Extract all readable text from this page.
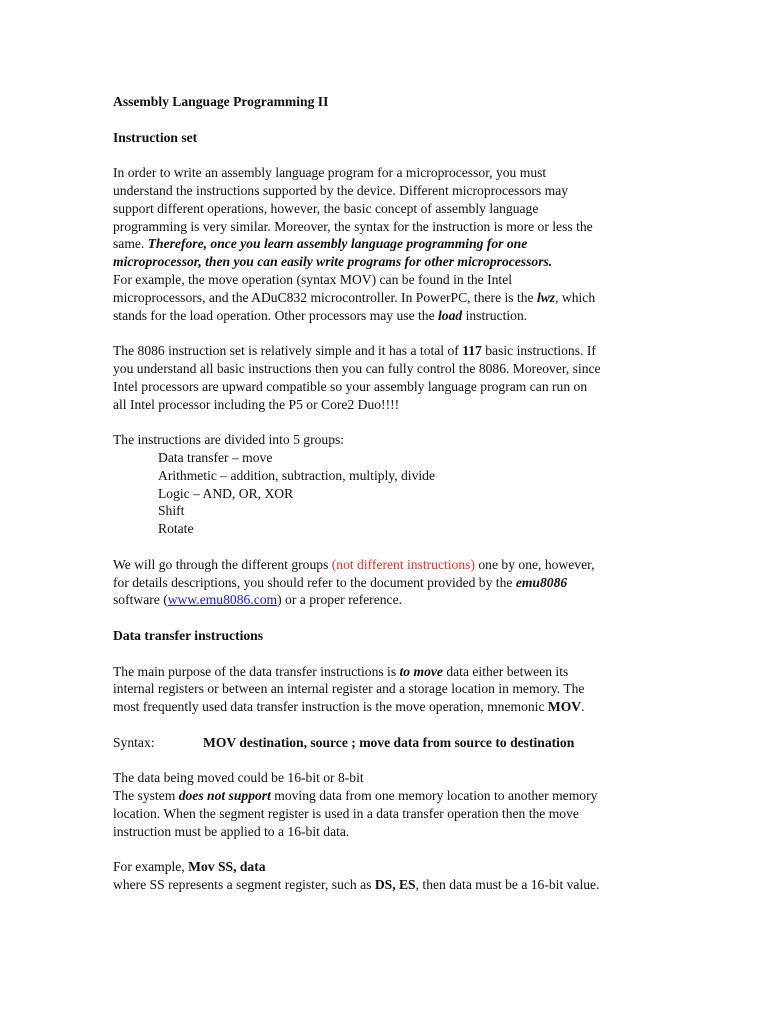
Assembly Language Programming II

Instruction set

In order to write an assembly language program for a microprocessor, you must

understand the instructions supported by the device. Different microprocessors may

support different operations, however, the basic concept of assembly language

programming is very similar. Moreover, the syntax for the instruction is more or less the

same. Therefore, once you learn assembly language programming for one

microprocessor, then you can easily write programs for other microprocessors.

For example, the move operation (syntax MOV) can be found in the Intel

microprocessors, and the ADuC832 microcontroller. In PowerPC, there is the lwz, which

stands for the load operation. Other processors may use the load instruction.

The 8086 instruction set is relatively simple and it has a total of 117 basic instructions. If

you understand all basic instructions then you can fully control the 8086. Moreover, since

Intel processors are upward compatible so your assembly language program can run on

all Intel processor including the P5 or Core2 Duo!!!!

The instructions are divided into 5 groups:

Data transfer – move

Arithmetic – addition, subtraction, multiply, divide

Logic – AND, OR, XOR

Shift

Rotate

We will go through the different groups (not different instructions) one by one, however,

for details descriptions, you should refer to the document provided by the emu8086

software (www.emu8086.com) or a proper reference.

Data transfer instructions

The main purpose of the data transfer instructions is to move data either between its

internal registers or between an internal register and a storage location in memory. The

most frequently used data transfer instruction is the move operation, mnemonic MOV.

Syntax:	MOV destination, source ; move data from source to destination

The data being moved could be 16-bit or 8-bit

The system does not support moving data from one memory location to another memory

location. When the segment register is used in a data transfer operation then the move

instruction must be applied to a 16-bit data.

For example, Mov SS, data

where SS represents a segment register, such as DS, ES, then data must be a 16-bit value.
